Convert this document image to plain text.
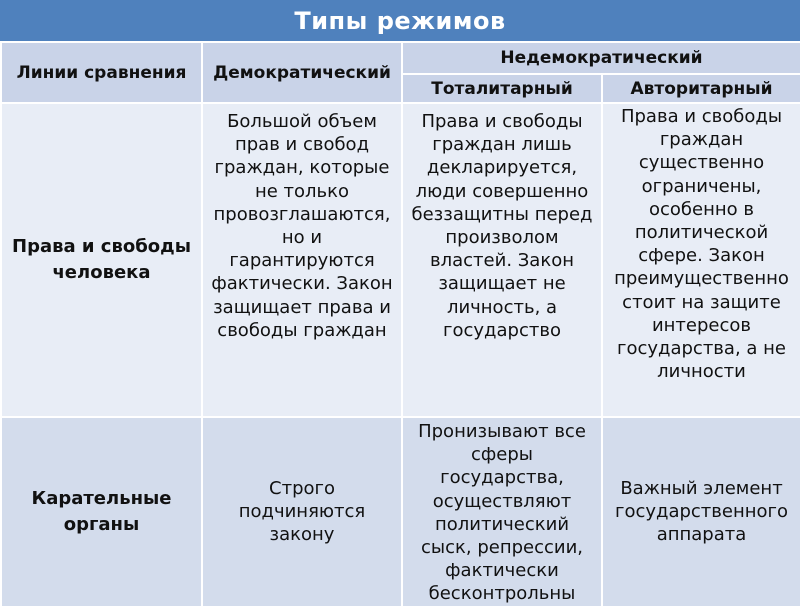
Типы режимов
Линии сравнения	Демократический	Недемократический	
		Тоталитарный	Авторитарный
Права и свободы человека	Большой объем прав и свобод граждан, которые не только провозглашаются, но и гарантируются фактически. Закон защищает права и свободы граждан	Права и свободы граждан лишь декларируется, люди совершенно беззащитны перед произволом властей. Закон защищает не личность, а государство	Права и свободы граждан существенно ограничены, особенно в политической сфере. Закон преимущественно стоит на защите интересов государства, а не личности
Карательные органы	Строго подчиняются закону	Пронизывают все сферы государства, осуществляют политический сыск, репрессии, фактически бесконтрольны	Важный элемент государственного аппарата
